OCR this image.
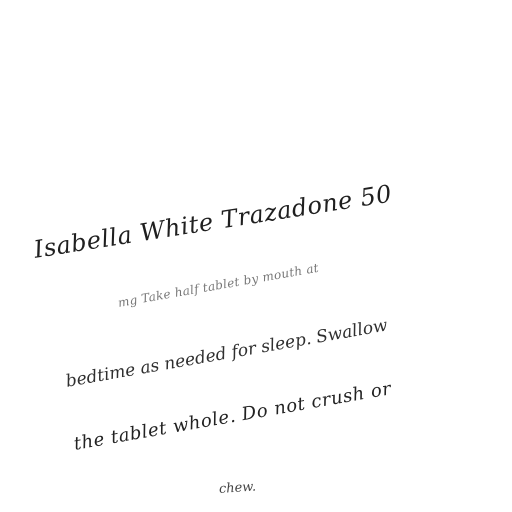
Isabella White Trazadone 50
mg Take half tablet by mouth at
bedtime as needed for sleep. Swallow
the tablet whole. Do not crush or
chew.
